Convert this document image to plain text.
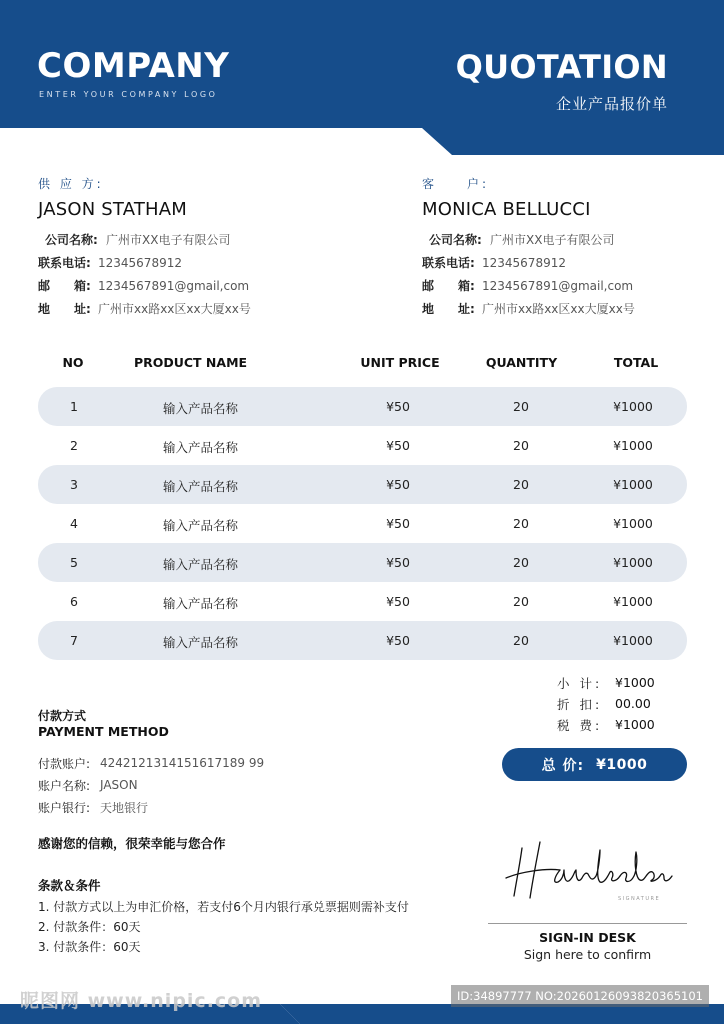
COMPANY
ENTER YOUR COMPANY LOGO
QUOTATION
企业产品报价单
供 应 方:
JASON STATHAM
公司名称: 广州市XX电子有限公司
联系电话: 12345678912
邮　　箱: 1234567891@gmail,com
地　　址: 广州市xx路xx区xx大厦xx号
客　　户:
MONICA BELLUCCI
公司名称: 广州市XX电子有限公司
联系电话: 12345678912
邮　　箱: 1234567891@gmail,com
地　　址: 广州市xx路xx区xx大厦xx号
NO	PRODUCT NAME	UNIT PRICE	QUANTITY	TOTAL
1	输入产品名称	¥50	20	¥1000
2	输入产品名称	¥50	20	¥1000
3	输入产品名称	¥50	20	¥1000
4	输入产品名称	¥50	20	¥1000
5	输入产品名称	¥50	20	¥1000
6	输入产品名称	¥50	20	¥1000
7	输入产品名称	¥50	20	¥1000
小 计:	¥1000
折 扣:	00.00
税 费:	¥1000
总 价: ¥1000
付款方式
PAYMENT METHOD
付款账户: 4242121314151617189 99
账户名称: JASON
账户银行: 天地银行
感谢您的信赖，很荣幸能与您合作
条款＆条件
1. 付款方式以上为申汇价格，若支付6个月内银行承兑票据则需补支付
2. 付款条件：60天
3. 付款条件：60天
SIGNATURE
SIGN-IN DESK
Sign here to confirm
昵图网 www.nipic.com	ID:34897777 NO:20260126093820365101
